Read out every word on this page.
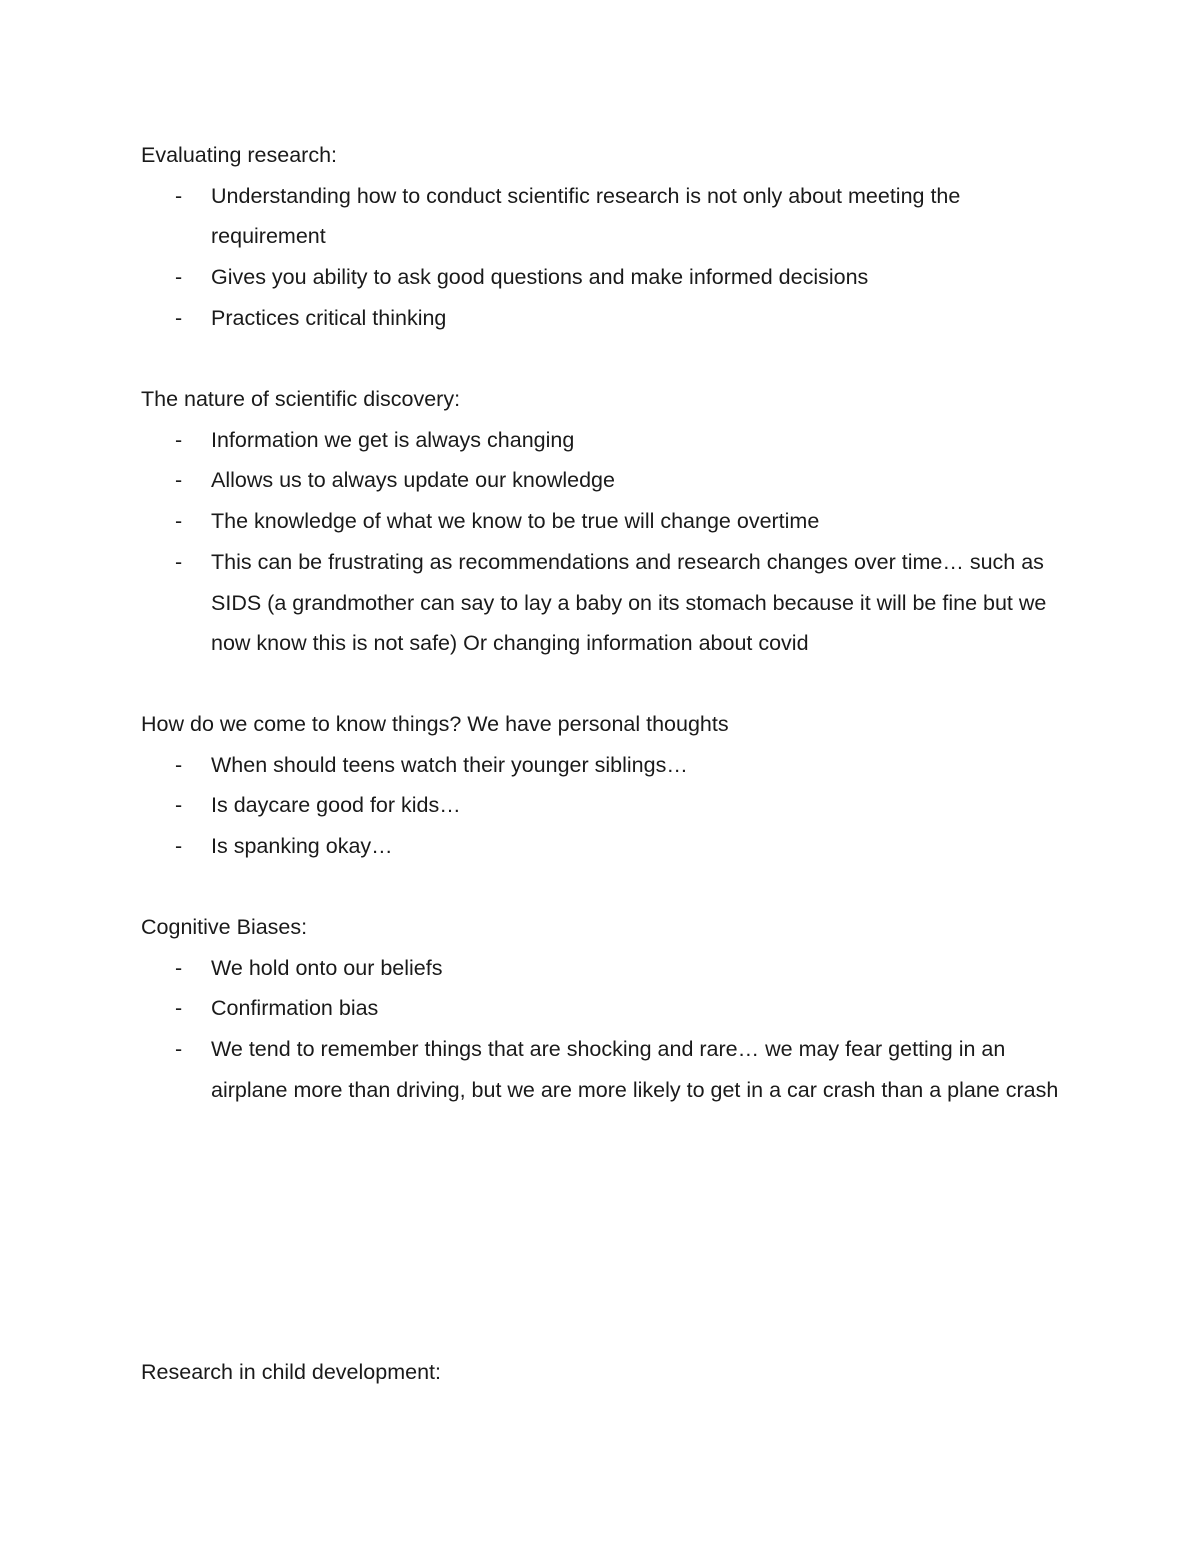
Evaluating research:

- Understanding how to conduct scientific research is not only about meeting the requirement
- Gives you ability to ask good questions and make informed decisions
- Practices critical thinking

The nature of scientific discovery:

- Information we get is always changing
- Allows us to always update our knowledge
- The knowledge of what we know to be true will change overtime
- This can be frustrating as recommendations and research changes over time… such as SIDS (a grandmother can say to lay a baby on its stomach because it will be fine but we now know this is not safe) Or changing information about covid

How do we come to know things? We have personal thoughts

- When should teens watch their younger siblings…
- Is daycare good for kids…
- Is spanking okay…

Cognitive Biases:

- We hold onto our beliefs
- Confirmation bias
- We tend to remember things that are shocking and rare… we may fear getting in an airplane more than driving, but we are more likely to get in a car crash than a plane crash

Research in child development:
